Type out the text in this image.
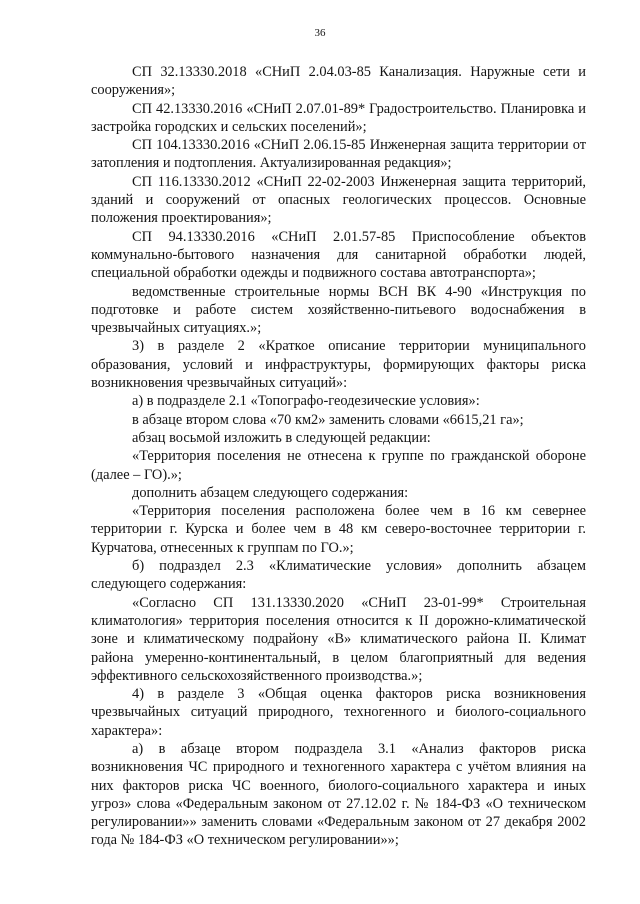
36

СП 32.13330.2018 «СНиП 2.04.03-85 Канализация. Наружные сети и сооружения»;

СП 42.13330.2016 «СНиП 2.07.01-89* Градостроительство. Планировка и застройка городских и сельских поселений»;

СП 104.13330.2016 «СНиП 2.06.15-85 Инженерная защита территории от затопления и подтопления. Актуализированная редакция»;

СП 116.13330.2012 «СНиП 22-02-2003 Инженерная защита территорий, зданий и сооружений от опасных геологических процессов. Основные положения проектирования»;

СП 94.13330.2016 «СНиП 2.01.57-85 Приспособление объектов коммунально-бытового назначения для санитарной обработки людей, специальной обработки одежды и подвижного состава автотранспорта»;

ведомственные строительные нормы ВСН ВК 4-90 «Инструкция по подготовке и работе систем хозяйственно-питьевого водоснабжения в чрезвычайных ситуациях.»;

3) в разделе 2 «Краткое описание территории муниципального образования, условий и инфраструктуры, формирующих факторы риска возникновения чрезвычайных ситуаций»:

а) в подразделе 2.1 «Топографо-геодезические условия»:

в абзаце втором слова «70 км2» заменить словами «6615,21 га»;

абзац восьмой изложить в следующей редакции:

«Территория поселения не отнесена к группе по гражданской обороне (далее – ГО).»;

дополнить абзацем следующего содержания:

«Территория поселения расположена более чем в 16 км севернее территории г. Курска и более чем в 48 км северо-восточнее территории г. Курчатова, отнесенных к группам по ГО.»;

б) подраздел 2.3 «Климатические условия» дополнить абзацем следующего содержания:

«Согласно СП 131.13330.2020 «СНиП 23-01-99* Строительная климатология» территория поселения относится к II дорожно-климатической зоне и климатическому подрайону «В» климатического района II. Климат района умеренно-континентальный, в целом благоприятный для ведения эффективного сельскохозяйственного производства.»;

4) в разделе 3 «Общая оценка факторов риска возникновения чрезвычайных ситуаций природного, техногенного и биолого-социального характера»:

а) в абзаце втором подраздела 3.1 «Анализ факторов риска возникновения ЧС природного и техногенного характера с учётом влияния на них факторов риска ЧС военного, биолого-социального характера и иных угроз» слова «Федеральным законом от 27.12.02 г. № 184-ФЗ «О техническом регулировании»» заменить словами «Федеральным законом от 27 декабря 2002 года № 184-ФЗ «О техническом регулировании»»;
